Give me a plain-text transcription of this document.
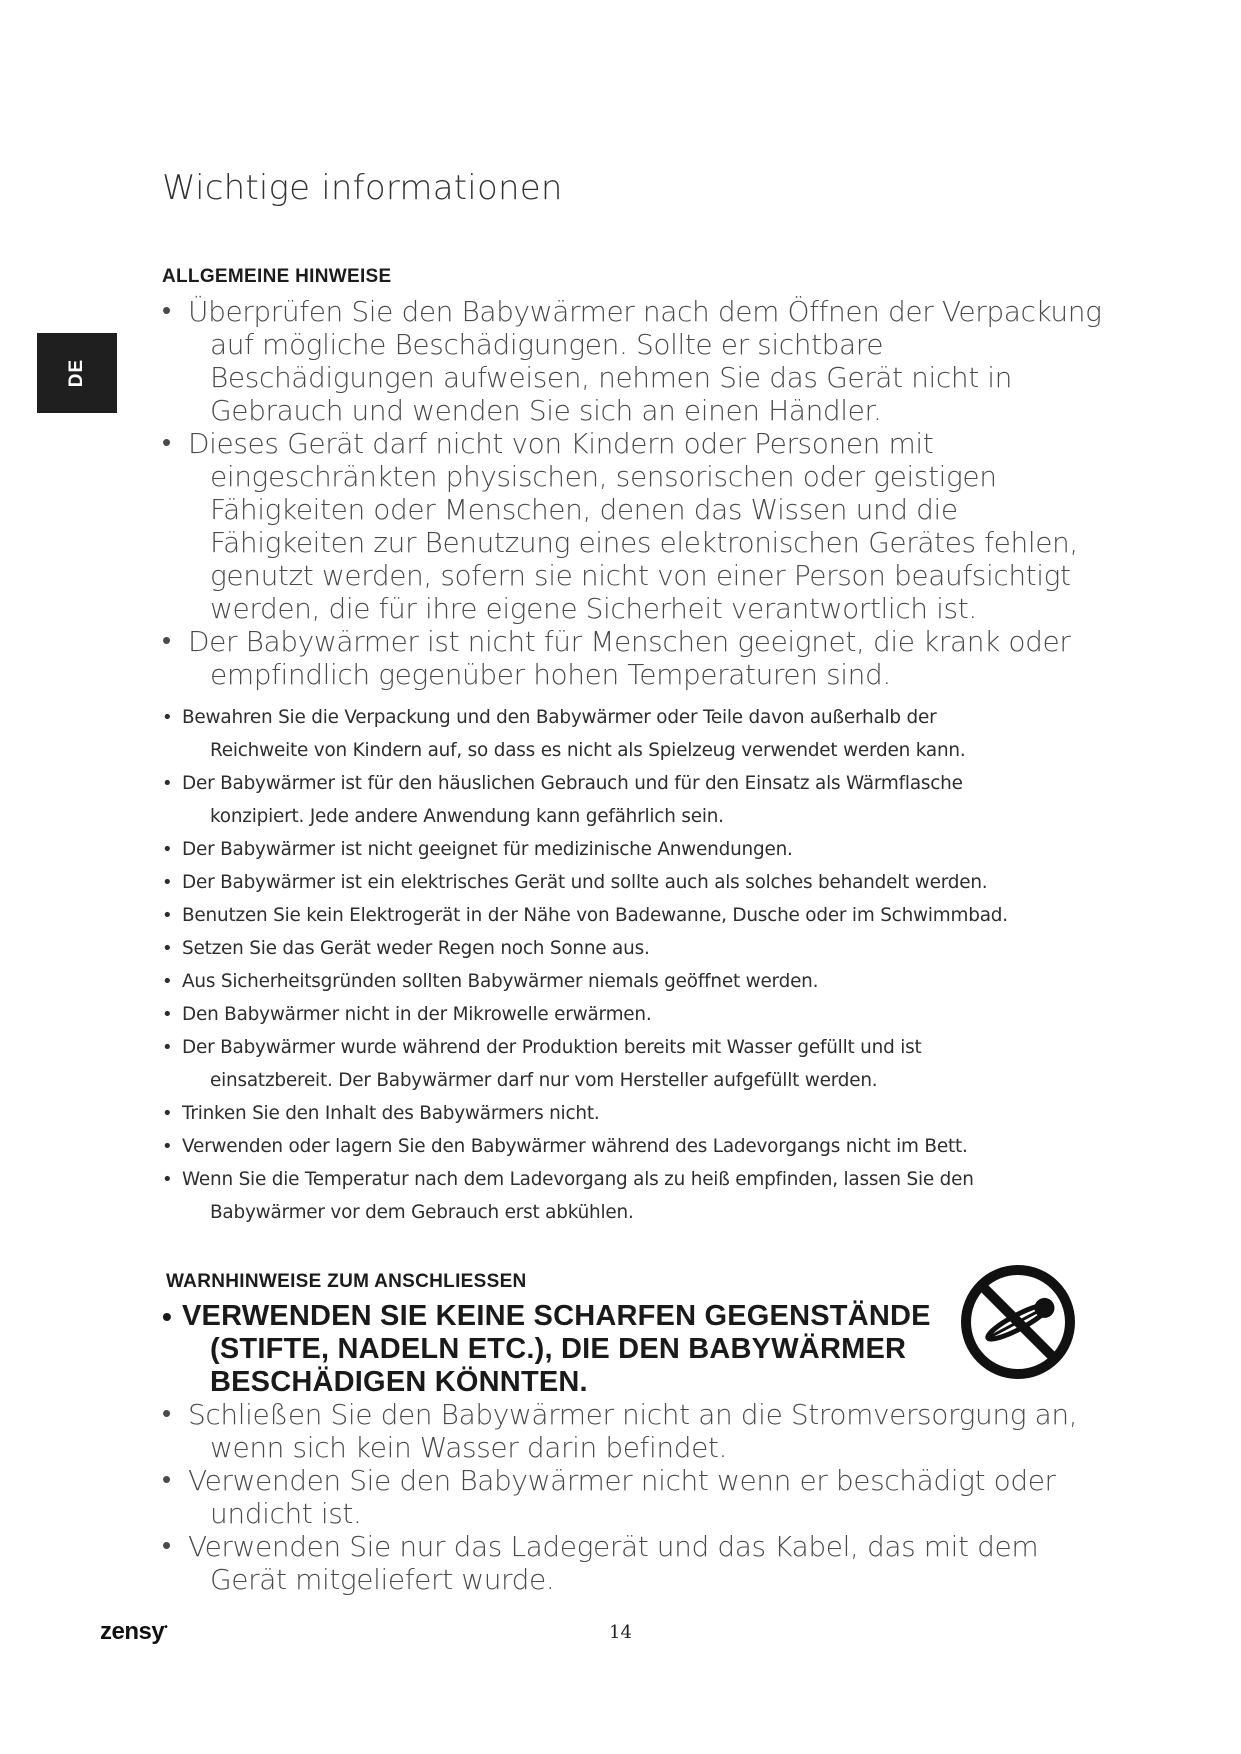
Wichtige informationen
DE
ALLGEMEINE HINWEISE
• Überprüfen Sie den Babywärmer nach dem Öffnen der Verpackung auf mögliche Beschädigungen. Sollte er sichtbare Beschädigungen aufweisen, nehmen Sie das Gerät nicht in Gebrauch und wenden Sie sich an einen Händler.
• Dieses Gerät darf nicht von Kindern oder Personen mit eingeschränkten physischen, sensorischen oder geistigen Fähigkeiten oder Menschen, denen das Wissen und die Fähigkeiten zur Benutzung eines elektronischen Gerätes fehlen, genutzt werden, sofern sie nicht von einer Person beaufsichtigt werden, die für ihre eigene Sicherheit verantwortlich ist.
• Der Babywärmer ist nicht für Menschen geeignet, die krank oder empfindlich gegenüber hohen Temperaturen sind.
• Bewahren Sie die Verpackung und den Babywärmer oder Teile davon außerhalb der Reichweite von Kindern auf, so dass es nicht als Spielzeug verwendet werden kann.
• Der Babywärmer ist für den häuslichen Gebrauch und für den Einsatz als Wärmflasche konzipiert. Jede andere Anwendung kann gefährlich sein.
• Der Babywärmer ist nicht geeignet für medizinische Anwendungen.
• Der Babywärmer ist ein elektrisches Gerät und sollte auch als solches behandelt werden.
• Benutzen Sie kein Elektrogerät in der Nähe von Badewanne, Dusche oder im Schwimmbad.
• Setzen Sie das Gerät weder Regen noch Sonne aus.
• Aus Sicherheitsgründen sollten Babywärmer niemals geöffnet werden.
• Den Babywärmer nicht in der Mikrowelle erwärmen.
• Der Babywärmer wurde während der Produktion bereits mit Wasser gefüllt und ist einsatzbereit. Der Babywärmer darf nur vom Hersteller aufgefüllt werden.
• Trinken Sie den Inhalt des Babywärmers nicht.
• Verwenden oder lagern Sie den Babywärmer während des Ladevorgangs nicht im Bett.
• Wenn Sie die Temperatur nach dem Ladevorgang als zu heiß empfinden, lassen Sie den Babywärmer vor dem Gebrauch erst abkühlen.
WARNHINWEISE ZUM ANSCHLIESSEN
• VERWENDEN SIE KEINE SCHARFEN GEGENSTÄNDE (STIFTE, NADELN ETC.), DIE DEN BABYWÄRMER BESCHÄDIGEN KÖNNTEN.
• Schließen Sie den Babywärmer nicht an die Stromversorgung an, wenn sich kein Wasser darin befindet.
• Verwenden Sie den Babywärmer nicht wenn er beschädigt oder undicht ist.
• Verwenden Sie nur das Ladegerät und das Kabel, das mit dem Gerät mitgeliefert wurde.

zensy•	14
